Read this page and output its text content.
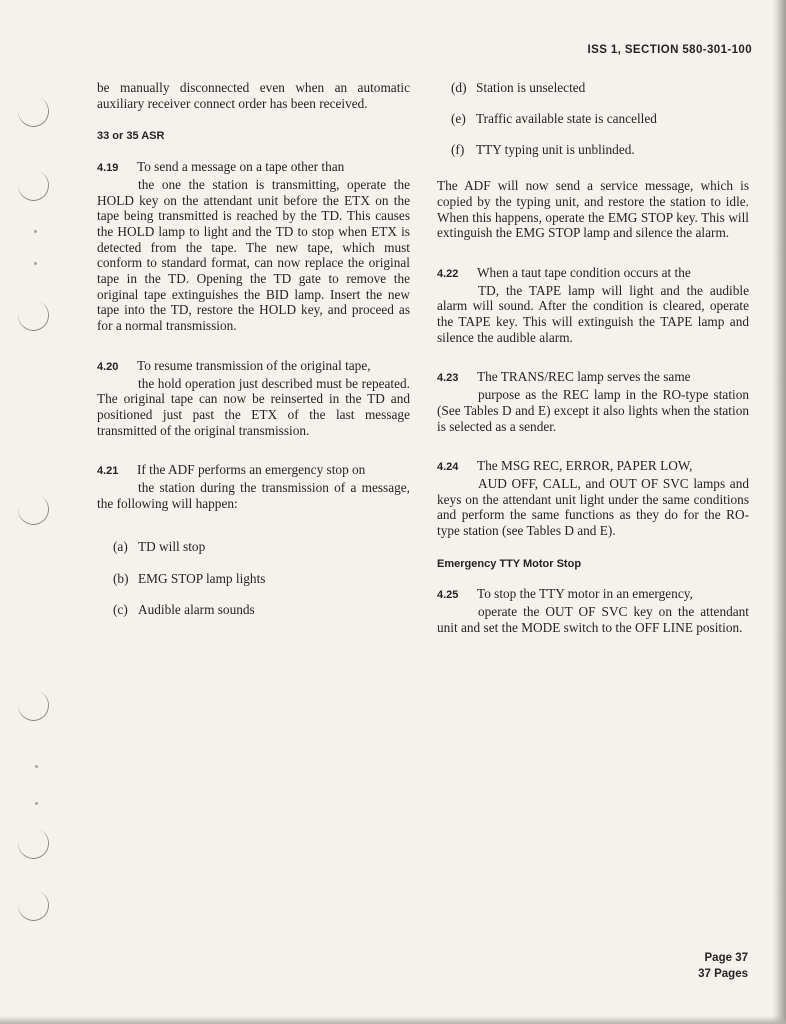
ISS 1, SECTION 580-301-100

be manually disconnected even when an automatic auxiliary receiver connect order has been received.

33 or 35 ASR

4.19 To send a message on a tape other than
the one the station is transmitting, operate the HOLD key on the attendant unit before the ETX on the tape being transmitted is reached by the TD. This causes the HOLD lamp to light and the TD to stop when ETX is detected from the tape. The new tape, which must conform to standard format, can now replace the original tape in the TD. Opening the TD gate to remove the original tape extinguishes the BID lamp. Insert the new tape into the TD, restore the HOLD key, and proceed as for a normal transmission.

4.20 To resume transmission of the original tape,
the hold operation just described must be repeated. The original tape can now be reinserted in the TD and positioned just past the ETX of the last message transmitted of the original transmission.

4.21 If the ADF performs an emergency stop on
the station during the transmission of a message, the following will happen:

(a) TD will stop
(b) EMG STOP lamp lights
(c) Audible alarm sounds
(d) Station is unselected
(e) Traffic available state is cancelled
(f) TTY typing unit is unblinded.

The ADF will now send a service message, which is copied by the typing unit, and restore the station to idle. When this happens, operate the EMG STOP key. This will extinguish the EMG STOP lamp and silence the alarm.

4.22 When a taut tape condition occurs at the
TD, the TAPE lamp will light and the audible alarm will sound. After the condition is cleared, operate the TAPE key. This will extinguish the TAPE lamp and silence the audible alarm.

4.23 The TRANS/REC lamp serves the same
purpose as the REC lamp in the RO-type station (See Tables D and E) except it also lights when the station is selected as a sender.

4.24 The MSG REC, ERROR, PAPER LOW,
AUD OFF, CALL, and OUT OF SVC lamps and keys on the attendant unit light under the same conditions and perform the same functions as they do for the RO-type station (see Tables D and E).

Emergency TTY Motor Stop

4.25 To stop the TTY motor in an emergency,
operate the OUT OF SVC key on the attendant unit and set the MODE switch to the OFF LINE position.

Page 37
37 Pages
